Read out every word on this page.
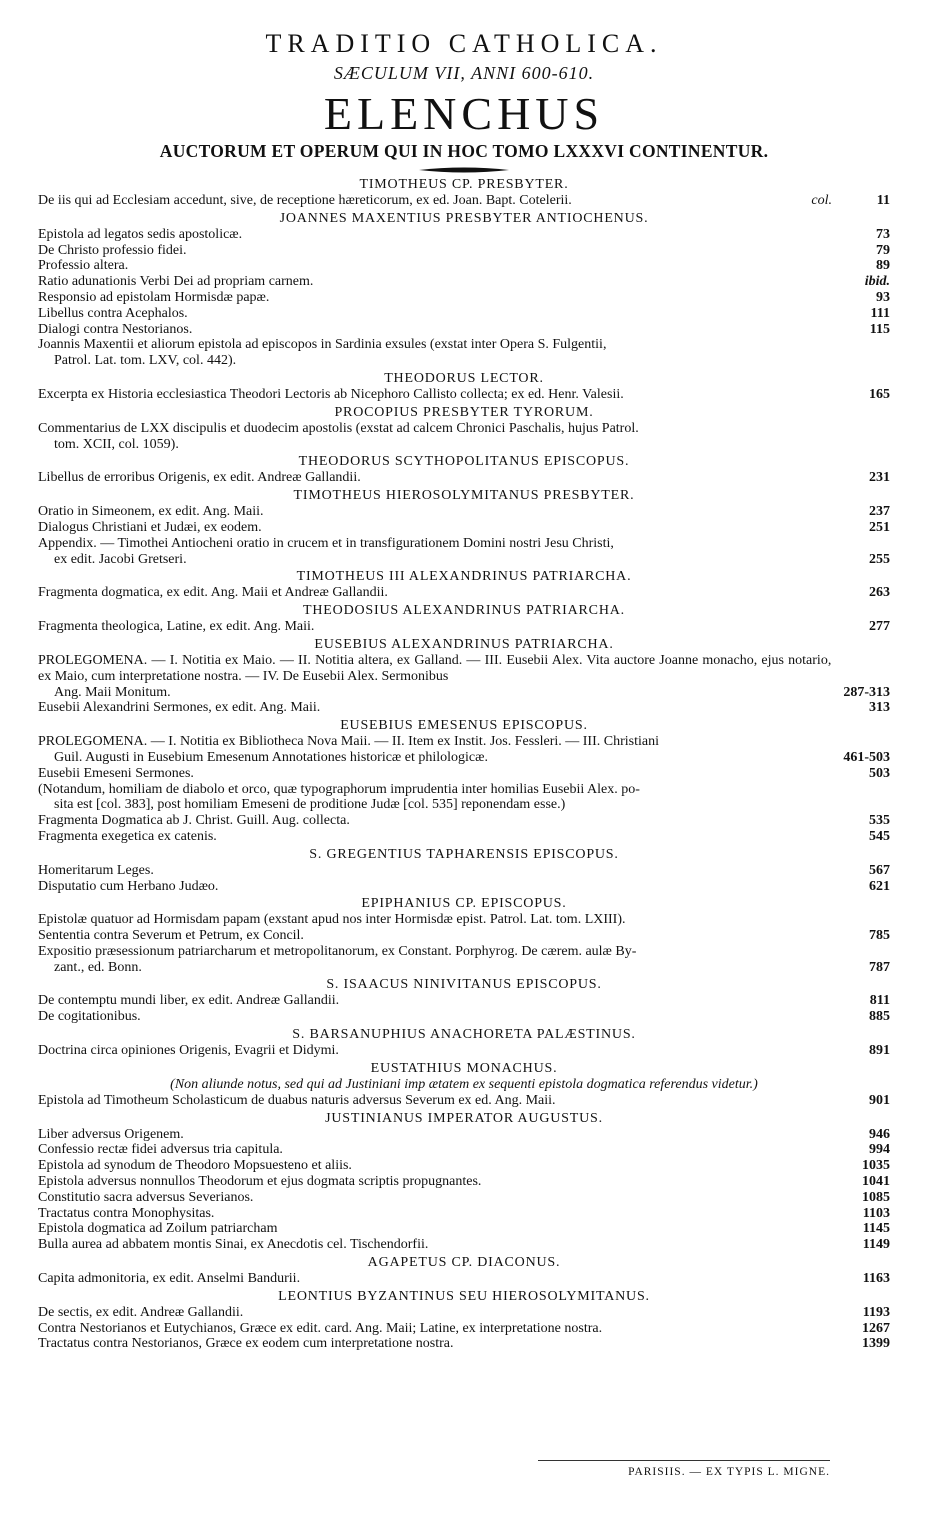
TRADITIO CATHOLICA.
SÆCULUM VII, ANNI 600-610.
ELENCHUS
AUCTORUM ET OPERUM QUI IN HOC TOMO LXXXVI CONTINENTUR.
TIMOTHEUS CP. PRESBYTER.
De iis qui ad Ecclesiam accedunt, sive, de receptione hæreticorum, ex ed. Joan. Bapt. Cotelerii.	col.	11
JOANNES MAXENTIUS PRESBYTER ANTIOCHENUS.
Epistola ad legatos sedis apostolicæ.	73
De Christo professio fidei.	79
Professio altera.	89
Ratio adunationis Verbi Dei ad propriam carnem.	ibid.
Responsio ad epistolam Hormisdæ papæ.	93
Libellus contra Acephalos.	111
Dialogi contra Nestorianos.	115
Joannis Maxentii et aliorum epistola ad episcopos in Sardinia exsules (exstat inter Opera S. Fulgentii,
Patrol. Lat. tom. LXV, col. 442).
THEODORUS LECTOR.
Excerpta ex Historia ecclesiastica Theodori Lectoris ab Nicephoro Callisto collecta; ex ed. Henr. Valesii.	165
PROCOPIUS PRESBYTER TYRORUM.
Commentarius de LXX discipulis et duodecim apostolis (exstat ad calcem Chronici Paschalis, hujus Patrol.
tom. XCII, col. 1059).
THEODORUS SCYTHOPOLITANUS EPISCOPUS.
Libellus de erroribus Origenis, ex edit. Andreæ Gallandii.	231
TIMOTHEUS HIEROSOLYMITANUS PRESBYTER.
Oratio in Simeonem, ex edit. Ang. Maii.	237
Dialogus Christiani et Judæi, ex eodem.	251
Appendix. — Timothei Antiocheni oratio in crucem et in transfigurationem Domini nostri Jesu Christi,
ex edit. Jacobi Gretseri.	255
TIMOTHEUS III ALEXANDRINUS PATRIARCHA.
Fragmenta dogmatica, ex edit. Ang. Maii et Andreæ Gallandii.	263
THEODOSIUS ALEXANDRINUS PATRIARCHA.
Fragmenta theologica, Latine, ex edit. Ang. Maii.	277
EUSEBIUS ALEXANDRINUS PATRIARCHA.
PROLEGOMENA. — I. Notitia ex Maio. — II. Notitia altera, ex Galland. — III. Eusebii Alex. Vita auctore Joanne monacho, ejus notario, ex Maio, cum interpretatione nostra. — IV. De Eusebii Alex. Sermonibus
Ang. Maii Monitum.	287-313
Eusebii Alexandrini Sermones, ex edit. Ang. Maii.	313
EUSEBIUS EMESENUS EPISCOPUS.
PROLEGOMENA. — I. Notitia ex Bibliotheca Nova Maii. — II. Item ex Instit. Jos. Fessleri. — III. Christiani
Guil. Augusti in Eusebium Emesenum Annotationes historicæ et philologicæ.	461-503
Eusebii Emeseni Sermones.	503
(Notandum, homiliam de diabolo et orco, quæ typographorum imprudentia inter homilias Eusebii Alex. po-
sita est [col. 383], post homiliam Emeseni de proditione Judæ [col. 535] reponendam esse.)
Fragmenta Dogmatica ab J. Christ. Guill. Aug. collecta.	535
Fragmenta exegetica ex catenis.	545
S. GREGENTIUS TAPHARENSIS EPISCOPUS.
Homeritarum Leges.	567
Disputatio cum Herbano Judæo.	621
EPIPHANIUS CP. EPISCOPUS.
Epistolæ quatuor ad Hormisdam papam (exstant apud nos inter Hormisdæ epist. Patrol. Lat. tom. LXIII).
Sententia contra Severum et Petrum, ex Concil.	785
Expositio præsessionum patriarcharum et metropolitanorum, ex Constant. Porphyrog. De cærem. aulæ By-
zant., ed. Bonn.	787
S. ISAACUS NINIVITANUS EPISCOPUS.
De contemptu mundi liber, ex edit. Andreæ Gallandii.	811
De cogitationibus.	885
S. BARSANUPHIUS ANACHORETA PALÆSTINUS.
Doctrina circa opiniones Origenis, Evagrii et Didymi.	891
EUSTATHIUS MONACHUS.
(Non aliunde notus, sed qui ad Justiniani imp ætatem ex sequenti epistola dogmatica referendus videtur.)
Epistola ad Timotheum Scholasticum de duabus naturis adversus Severum ex ed. Ang. Maii.	901
JUSTINIANUS IMPERATOR AUGUSTUS.
Liber adversus Origenem.	946
Confessio rectæ fidei adversus tria capitula.	994
Epistola ad synodum de Theodoro Mopsuesteno et aliis.	1035
Epistola adversus nonnullos Theodorum et ejus dogmata scriptis propugnantes.	1041
Constitutio sacra adversus Severianos.	1085
Tractatus contra Monophysitas.	1103
Epistola dogmatica ad Zoilum patriarcham	1145
Bulla aurea ad abbatem montis Sinai, ex Anecdotis cel. Tischendorfii.	1149
AGAPETUS CP. DIACONUS.
Capita admonitoria, ex edit. Anselmi Bandurii.	1163
LEONTIUS BYZANTINUS SEU HIEROSOLYMITANUS.
De sectis, ex edit. Andreæ Gallandii.	1193
Contra Nestorianos et Eutychianos, Græce ex edit. card. Ang. Maii; Latine, ex interpretatione nostra.	1267
Tractatus contra Nestorianos, Græce ex eodem cum interpretatione nostra.	1399
PARISIIS. — EX TYPIS L. MIGNE.
